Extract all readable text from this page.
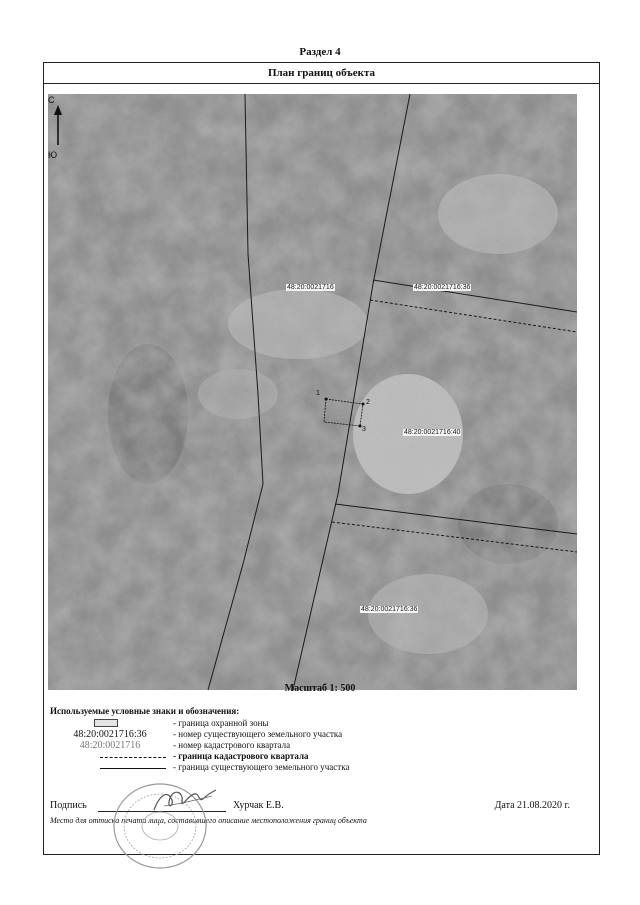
Раздел 4
План границ объекта
48:20:0021716	48:20:0021716:36
48:20:0021716:40
48:20:0021716:36
1
2
3
С
Ю
Масштаб 1: 500
Используемые условные знаки и обозначения:
- граница охранной зоны
48:20:0021716:36	- номер существующего земельного участка
48:20:0021716	- номер кадастрового квартала
- граница кадастрового квартала
- граница существующего земельного участка
Подпись	Хурчак Е.В.	Дата 21.08.2020 г.
Место для оттиска печати лица, составившего описание местоположения границ объекта
